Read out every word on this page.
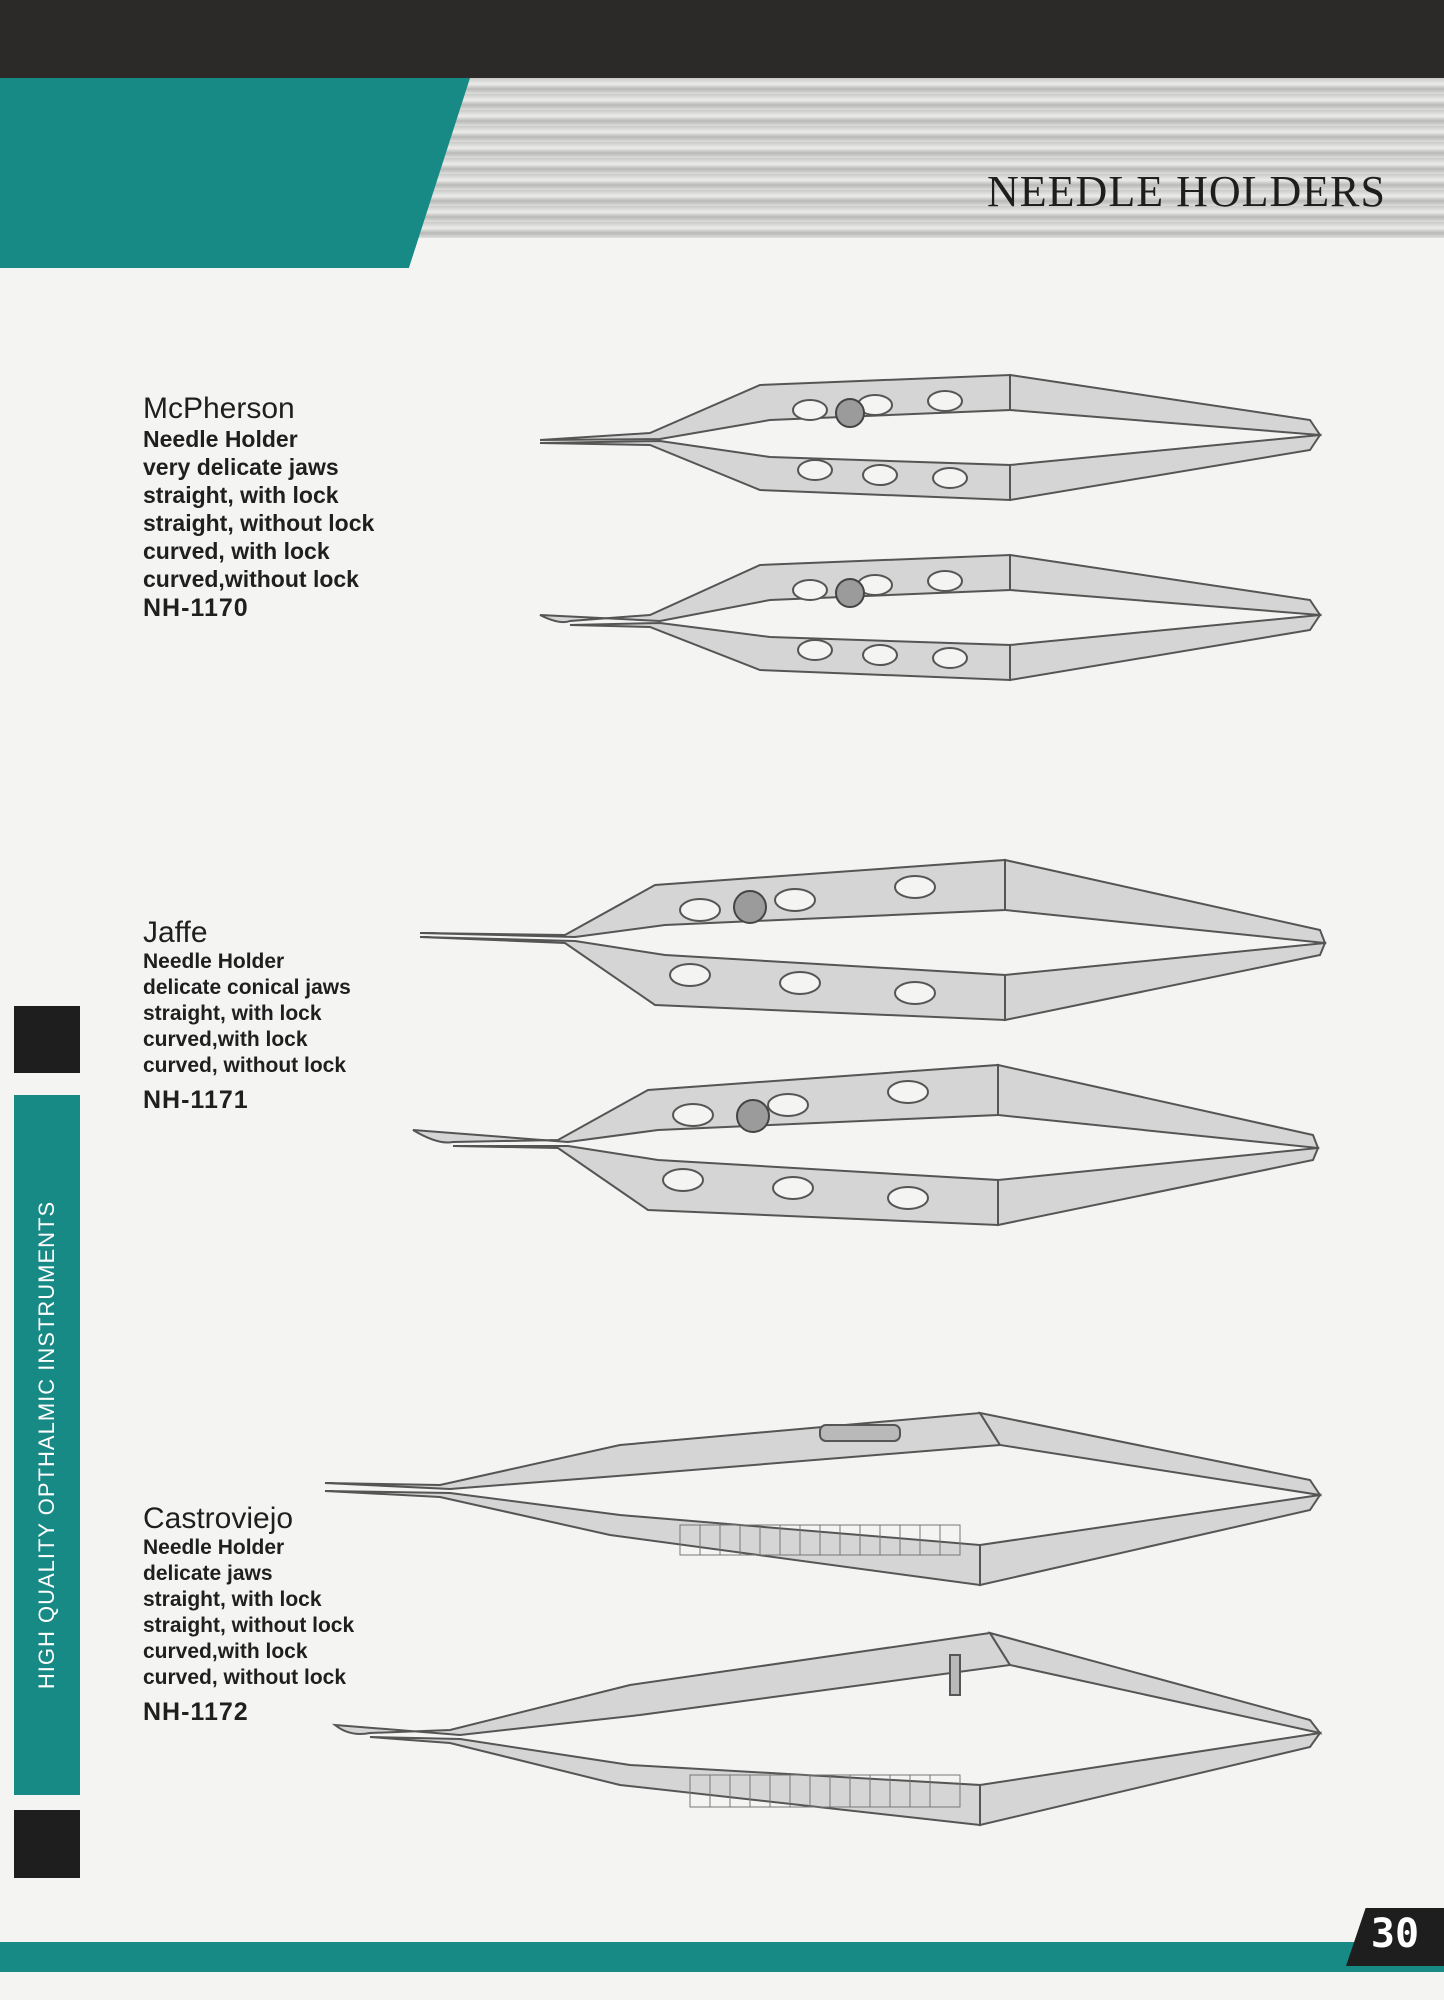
NEEDLE HOLDERS
HIGH QUALITY OPTHALMIC INSTRUMENTS
McPherson
Needle Holder
very delicate jaws
straight, with lock
straight, without lock
curved, with lock
curved,without lock
NH-1170
Jaffe
Needle Holder
delicate conical jaws
straight, with lock
curved,with lock
curved, without lock
NH-1171
Castroviejo
Needle Holder
delicate jaws
straight, with lock
straight, without lock
curved,with lock
curved, without lock
NH-1172
30
